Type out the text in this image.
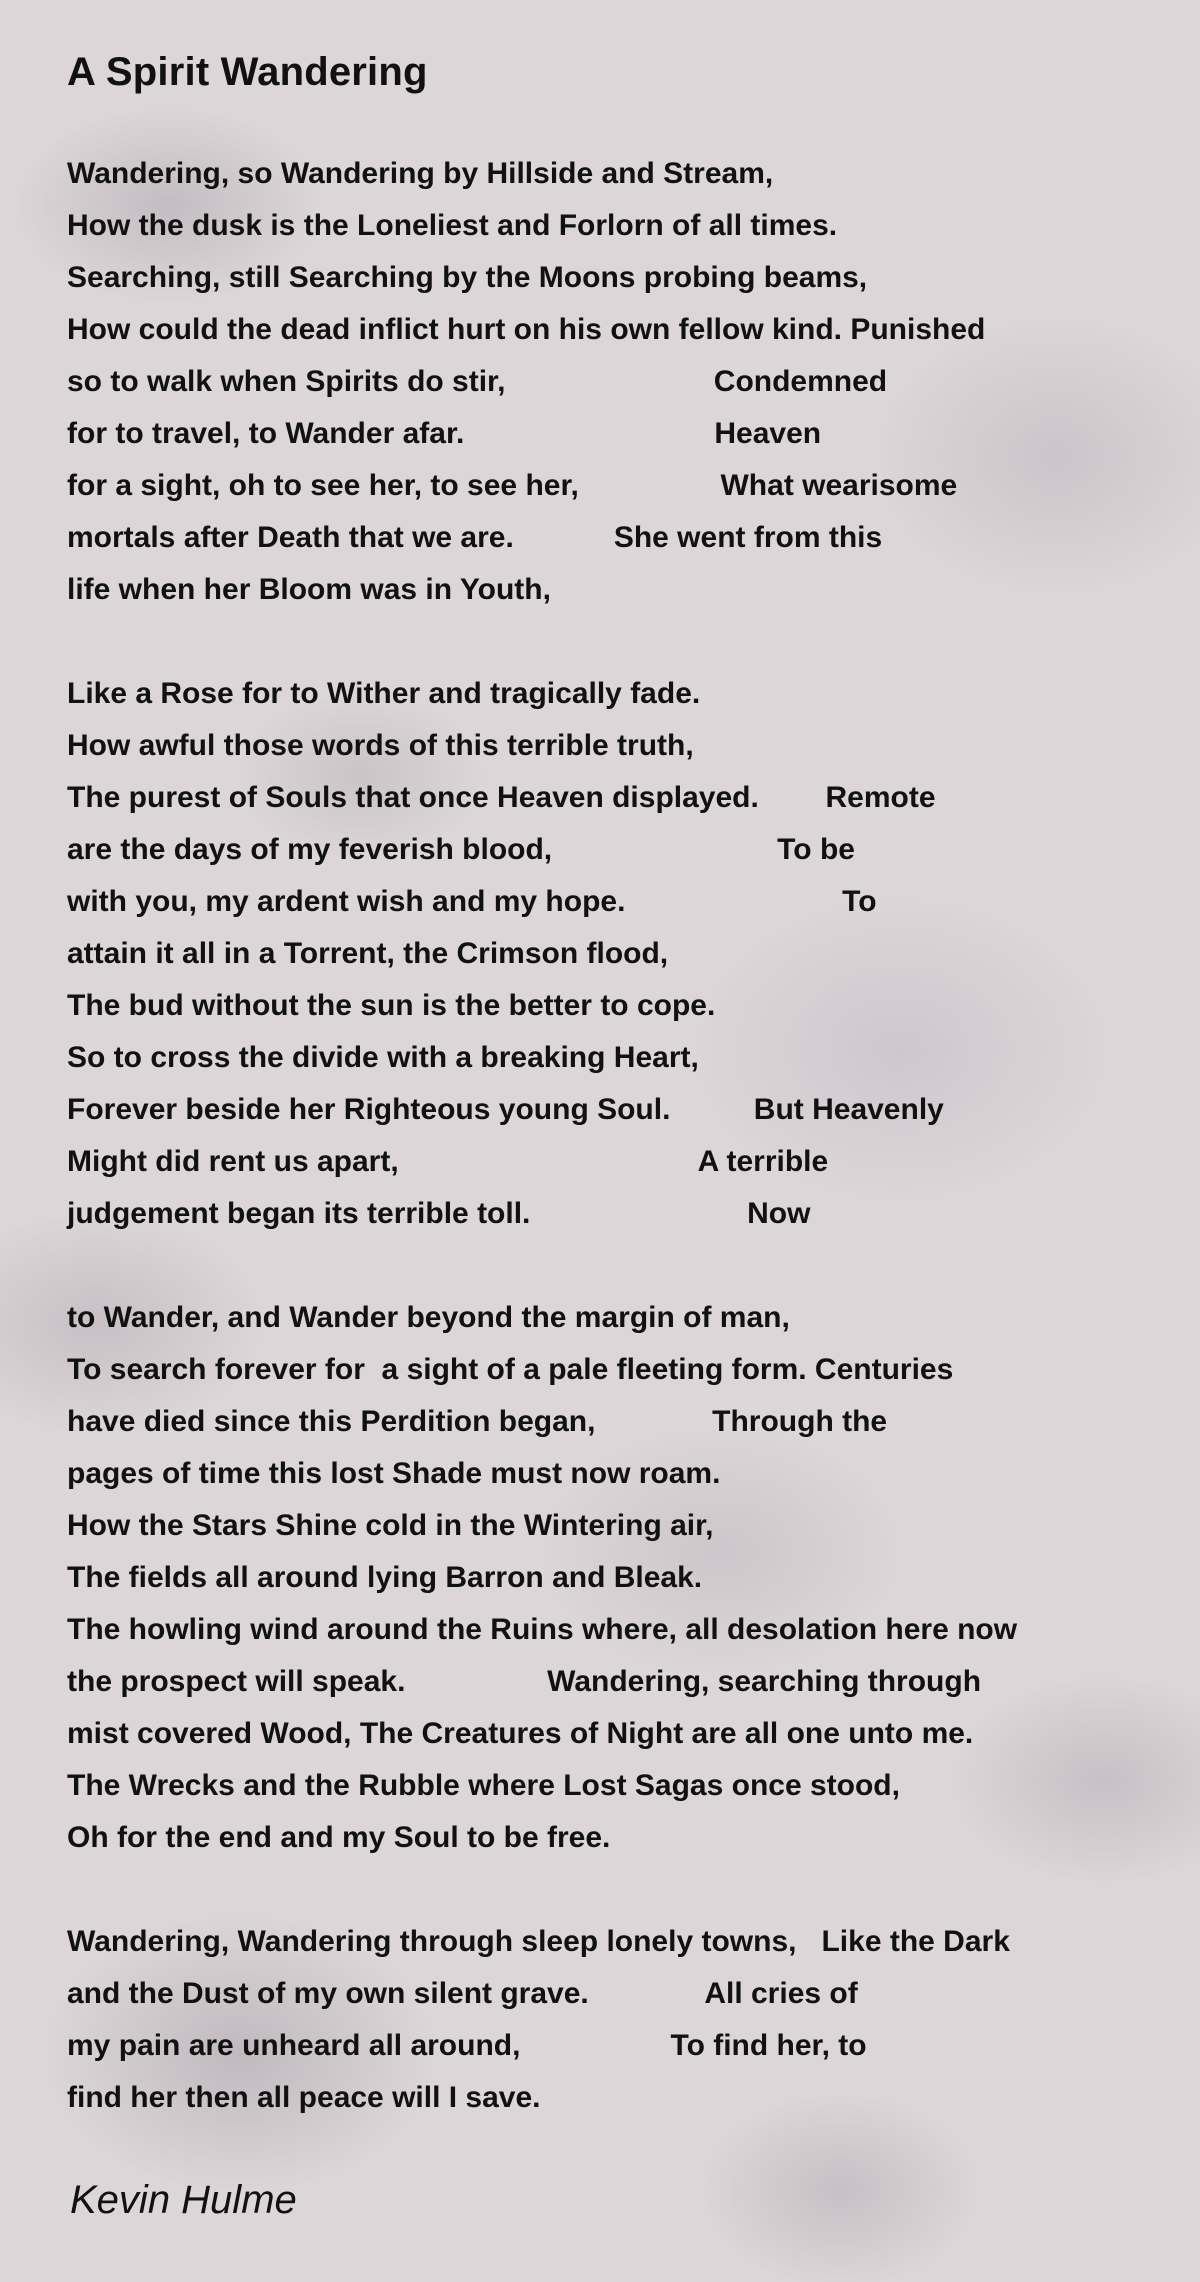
A Spirit Wandering
Wandering, so Wandering by Hillside and Stream,
How the dusk is the Loneliest and Forlorn of all times.
Searching, still Searching by the Moons probing beams,
How could the dead inflict hurt on his own fellow kind. Punished
so to walk when Spirits do stir,                         Condemned
for to travel, to Wander afar.                              Heaven
for a sight, oh to see her, to see her,                 What wearisome
mortals after Death that we are.            She went from this
life when her Bloom was in Youth,
Like a Rose for to Wither and tragically fade.
How awful those words of this terrible truth,
The purest of Souls that once Heaven displayed.        Remote
are the days of my feverish blood,                           To be
with you, my ardent wish and my hope.                          To
attain it all in a Torrent, the Crimson flood,
The bud without the sun is the better to cope.
So to cross the divide with a breaking Heart,
Forever beside her Righteous young Soul.          But Heavenly
Might did rent us apart,                                    A terrible
judgement began its terrible toll.                          Now
to Wander, and Wander beyond the margin of man,
To search forever for  a sight of a pale fleeting form. Centuries
have died since this Perdition began,              Through the
pages of time this lost Shade must now roam.
How the Stars Shine cold in the Wintering air,
The fields all around lying Barron and Bleak.
The howling wind around the Ruins where, all desolation here now
the prospect will speak.                 Wandering, searching through
mist covered Wood, The Creatures of Night are all one unto me.
The Wrecks and the Rubble where Lost Sagas once stood,
Oh for the end and my Soul to be free.
Wandering, Wandering through sleep lonely towns,   Like the Dark
and the Dust of my own silent grave.              All cries of
my pain are unheard all around,                  To find her, to
find her then all peace will I save.
Kevin Hulme
